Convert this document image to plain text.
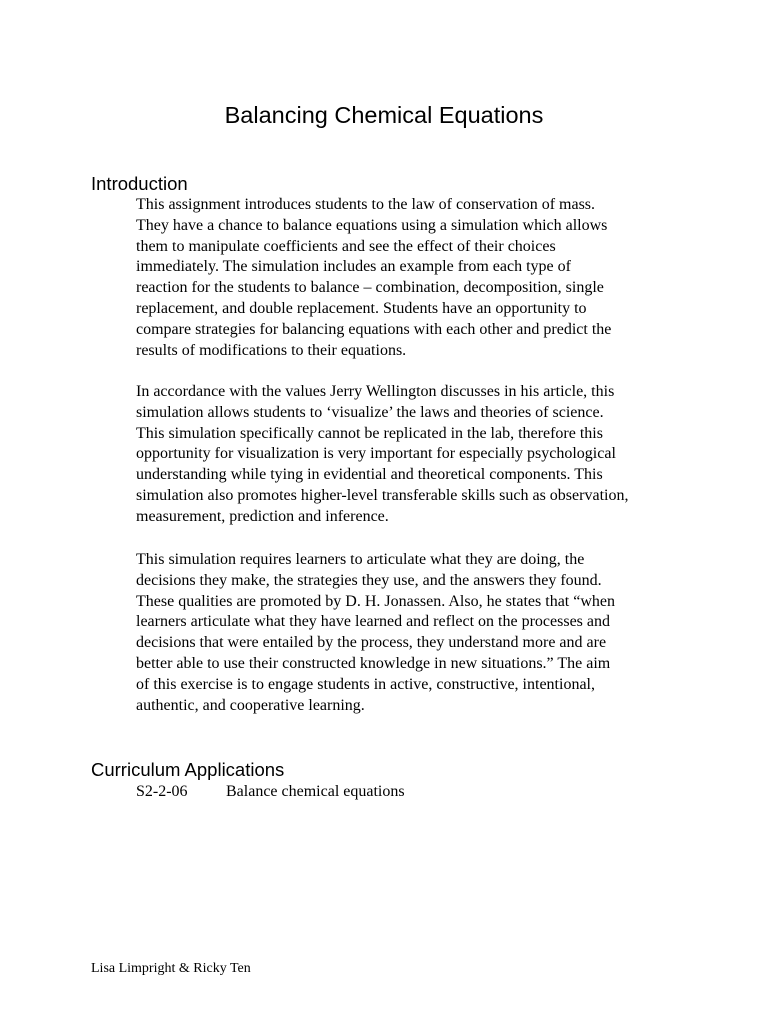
Balancing Chemical Equations
Introduction

This assignment introduces students to the law of conservation of mass.
They have a chance to balance equations using a simulation which allows
them to manipulate coefficients and see the effect of their choices
immediately. The simulation includes an example from each type of
reaction for the students to balance – combination, decomposition, single
replacement, and double replacement. Students have an opportunity to
compare strategies for balancing equations with each other and predict the
results of modifications to their equations.

In accordance with the values Jerry Wellington discusses in his article, this
simulation allows students to ‘visualize’ the laws and theories of science.
This simulation specifically cannot be replicated in the lab, therefore this
opportunity for visualization is very important for especially psychological
understanding while tying in evidential and theoretical components. This
simulation also promotes higher-level transferable skills such as observation,
measurement, prediction and inference.

This simulation requires learners to articulate what they are doing, the
decisions they make, the strategies they use, and the answers they found.
These qualities are promoted by D. H. Jonassen. Also, he states that “when
learners articulate what they have learned and reflect on the processes and
decisions that were entailed by the process, they understand more and are
better able to use their constructed knowledge in new situations.” The aim
of this exercise is to engage students in active, constructive, intentional,
authentic, and cooperative learning.

Curriculum Applications
S2-2-06 Balance chemical equations
Lisa Limpright & Ricky Ten
